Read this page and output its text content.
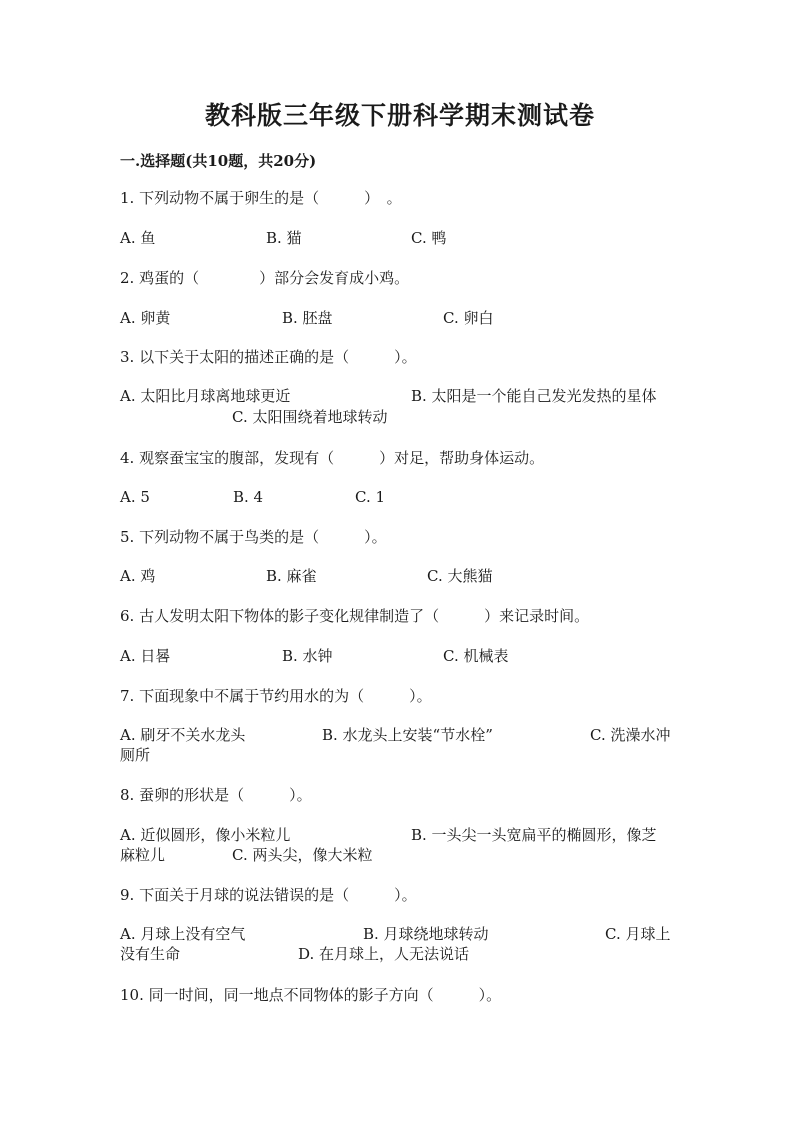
教科版三年级下册科学期末测试卷
一.选择题(共10题，共20分)
1. 下列动物不属于卵生的是（　　　）　。
A. 鱼	B. 猫	C. 鸭
2. 鸡蛋的（　　　　）部分会发育成小鸡。
A. 卵黄	B. 胚盘	C. 卵白
3. 以下关于太阳的描述正确的是（　　　）。
A. 太阳比月球离地球更近	B. 太阳是一个能自己发光发热的星体
C. 太阳围绕着地球转动
4. 观察蚕宝宝的腹部，发现有（　　　）对足，帮助身体运动。
A. 5	B. 4	C. 1
5. 下列动物不属于鸟类的是（　　　）。
A. 鸡	B. 麻雀	C. 大熊猫
6. 古人发明太阳下物体的影子变化规律制造了（　　　）来记录时间。
A. 日晷	B. 水钟	C. 机械表
7. 下面现象中不属于节约用水的为（　　　）。
A. 刷牙不关水龙头	B. 水龙头上安装“节水栓”	C. 洗澡水冲
厕所
8. 蚕卵的形状是（　　　）。
A. 近似圆形，像小米粒儿	B. 一头尖一头宽扁平的椭圆形，像芝
麻粒儿	C. 两头尖，像大米粒
9. 下面关于月球的说法错误的是（　　　）。
A. 月球上没有空气	B. 月球绕地球转动	C. 月球上
没有生命	D. 在月球上，人无法说话
10. 同一时间，同一地点不同物体的影子方向（　　　）。
